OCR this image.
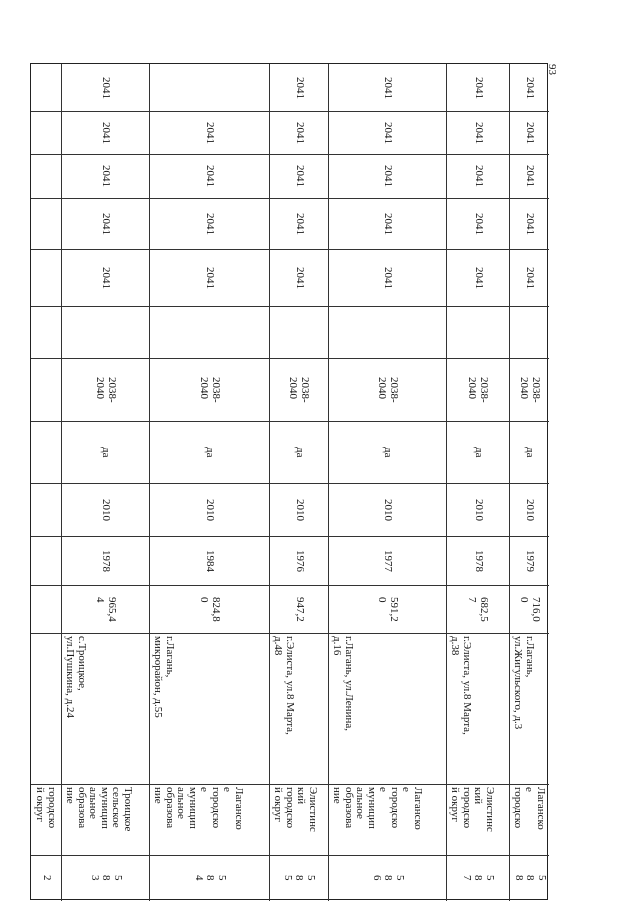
93
2
городско
й округ
2041
2041
2041
2041
2041
2038-
2040
да
2010
1978
965,4
4
с.Троицкое,
ул.Пушкина, д.24
Троицкое
сельское
муницип
альное
образова
ние
5
8
3
2041
2041
2041
2041
2038-
2040
да
2010
1984
824,8
0
г.Лагань,
микрорайон, д.55
Лаганско
е
городско
е
муницип
альное
образова
ние
5
8
4
2041
2041
2041
2041
2041
2038-
2040
да
2010
1976
947,2
г.Элиста, ул.8 Марта,
д.48
Элистинс
кий
городско
й округ
5
8
5
2041
2041
2041
2041
2041
2038-
2040
да
2010
1977
591,2
0
г.Лагань, ул.Ленина,
д.16
Лаганско
е
городско
е
муницип
альное
образова
ние
5
8
6
2041
2041
2041
2041
2041
2038-
2040
да
2010
1978
682,5
7
г.Элиста, ул.8 Марта,
д.38
Элистинс
кий
городско
й округ
5
8
7
2041
2041
2041
2041
2041
2038-
2040
да
2010
1979
716,0
0
г.Лагань,
ул.Жигульского, д.3
Лаганско
е
городско
5
8
8
